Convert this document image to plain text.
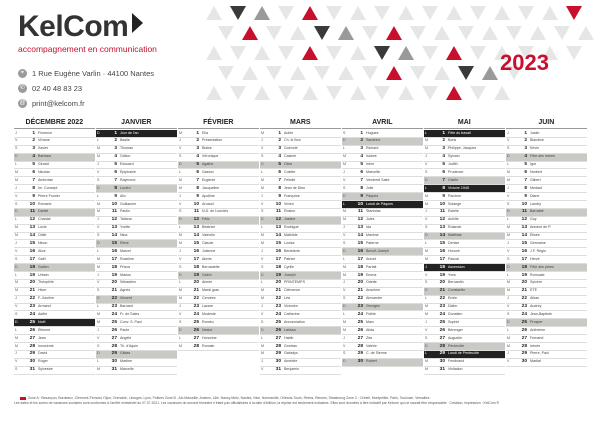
KelCom
accompagnement en communication
⌖	1 Rue Eugène Varlin · 44100 Nantes
✆ 02 40 48 83 23
@ print@kelcom.fr
2023
DÉCEMBRE 2022
J	1 Florence
V	2 Viviane
S	3 Xavier
D	4 Barbara
L	5 Gérald
M	6 Nicolas
M	7 Ambroise
J	8 Im. Concept.
V	9 Pierre Fourier
S	10 Romaric
D	11 Daniel
L	12 Chantal
M	13 Lucie
M	14 Odile
J	15 Ninon
V	16 Alice
S	17 Gaël
D	18 Gatien
L	19 Urbain
M	20 Théophile
M	21 Hiver
J	22 F.-Xavière
V	23 Armand
S	24 Adèle
D	25 Noël
L	26 Étienne
M	27 Jean
M	28 Innocents
J	29 David
V	30 Roger
S	31 Sylvestre
JANVIER
D	1 Jour de l'an
L	2 Basile
M	3 Thomas
M	4 Odilon
J	5 Édouard
V	6 Épiphanie
S	7 Raymond
D	8 Lucien
L	9 Alix
M	10 Guillaume
M	11 Paulin
J	12 Tatiana
V	13 Yvette
S	14 Nina
D	15 Rémi
L	16 Marcel
M	17 Roseline
M	18 Prisca
J	19 Marius
V	20 Sébastien
S	21 Agnès
D	22 Vincent
L	23 Barnard
M	24 Fr. de Sales
M	25 Conv. S. Paul
J	26 Paule
V	27 Angèle
S	28 Th. d'Aquin
D	29 Gildas
L	30 Martine
M	31 Marcelle
FÉVRIER
M	1 Ella
J	2 Présentation
V	3 Blaise
S	4 Véronique
D	5 Agathe
L	6 Gaston
M	7 Eugénie
M	8 Jacqueline
J	9 Apolline
V	10 Arnaud
S	11 N.D. de Lourdes
D	12 Félix
L	13 Béatrice
M	14 Valentin
M	15 Claude
J	16 Julienne
V	17 Alexis
S	18 Bernadette
D	19 Gabin
L	20 Aimée
M	21 Mardi gras
M	22 Cendres
J	23 Lazare
V	24 Modeste
S	25 Roméo
D	26 Nestor
L	27 Honorine
M	28 Romain
MARS
M	1 Aubin
J	2 Ch. le Bon
V	3 Guénolé
S	4 Casimir
D	5 Olive
L	6 Colette
M	7 Félicité
M	8 Jean de Dieu
J	9 Françoise
V	10 Vivien
S	11 Rosine
D	12 Justine
L	13 Rodrigue
M	14 Mathilde
M	15 Louise
J	16 Bénédicte
V	17 Patrice
S	18 Cyrille
D	19 Joseph
L	20 PRINTEMPS
M	21 Clémence
M	22 Léa
J	23 Victorien
V	24 Catherine
S	25 Annonciation
D	26 Larissa
L	27 Habib
M	28 Gontran
M	29 Gwladys
J	30 Amédée
V	31 Benjamin
AVRIL
S	1 Hugues
D	2 Sandrine
L	3 Richard
M	4 Isidore
M	5 Irène
J	6 Marcellin
V	7 Vendredi Saint
S	8 Julie
D	9 Pâques
L	10 Lundi de Pâques
M	11 Stanislas
M	12 Jules
J	13 Ida
V	14 Maxime
S	15 Paterne
D	16 Benoît-Joseph
L	17 Anicet
M	18 Parfait
M	19 Emma
J	20 Odette
V	21 Anselme
S	22 Alexandre
D	23 Georges
L	24 Fidèle
M	25 Marc
M	26 Alida
J	27 Zita
V	28 Valérie
S	29 C. de Sienne
D	30 Robert
MAI
L	1 Fête du travail
M	2 Boris
M	3 Philippe, Jacques
J	4 Sylvain
V	5 Judith
S	6 Prudence
D	7 Gisèle
L	8 Victoire 1945
M	9 Pacôme
M	10 Solange
J	11 Estelle
V	12 Achille
S	13 Rolande
D	14 Matthias
L	15 Denise
M	16 Honoré
M	17 Pascal
J	18 Ascension
V	19 Yves
S	20 Bernardin
D	21 Constantin
L	22 Émile
M	23 Didier
M	24 Donatien
J	25 Sophie
V	26 Bérenger
S	27 Augustin
D	28 Pentecôte
L	29 Lundi de Pentecôte
M	30 Ferdinand
M	31 Visitation
JUIN
J	1 Justin
V	2 Blandine
S	3 Kévin
D	4 Fête des mères
L	5 Igor
M	6 Norbert
M	7 Gilbert
J	8 Médard
V	9 Diane
S	10 Landry
D	11 Barnabé
L	12 Guy
M	13 Antoine de P.
M	14 Élisée
J	15 Germaine
V	16 J.F. Régis
S	17 Hervé
D	18 Fête des pères
L	19 Romuald
M	20 Sylvère
M	21 ÉTÉ
J	22 Alban
V	23 Audrey
S	24 Jean-Baptiste
D	25 Prosper
L	26 Anthelme
M	27 Fernand
M	28 Irénée
J	29 Pierre, Paul
V	30 Martial
Zone A : Besançon, Bordeaux, Clermont-Ferrand, Dijon, Grenoble, Limoges, Lyon, Poitiers Zone B : Aix-Marseille, Amiens, Lille, Nancy-Metz, Nantes, Nice, Normandie, Orléans-Tours, Reims, Rennes, Strasbourg Zone C : Créteil, Montpellier, Paris, Toulouse, Versailles
Les dates et les zones de vacances scolaires sont conformes à l'arrêté ministériel du 07.07.2021. Les vacances du second trimestre n'étant pas officialisées à la date d'édition, la reprise est seulement indicative. Elles sont données à titre indicatif par Kelcom qui ne saurait être responsable · Création, impression : KelCom ®
